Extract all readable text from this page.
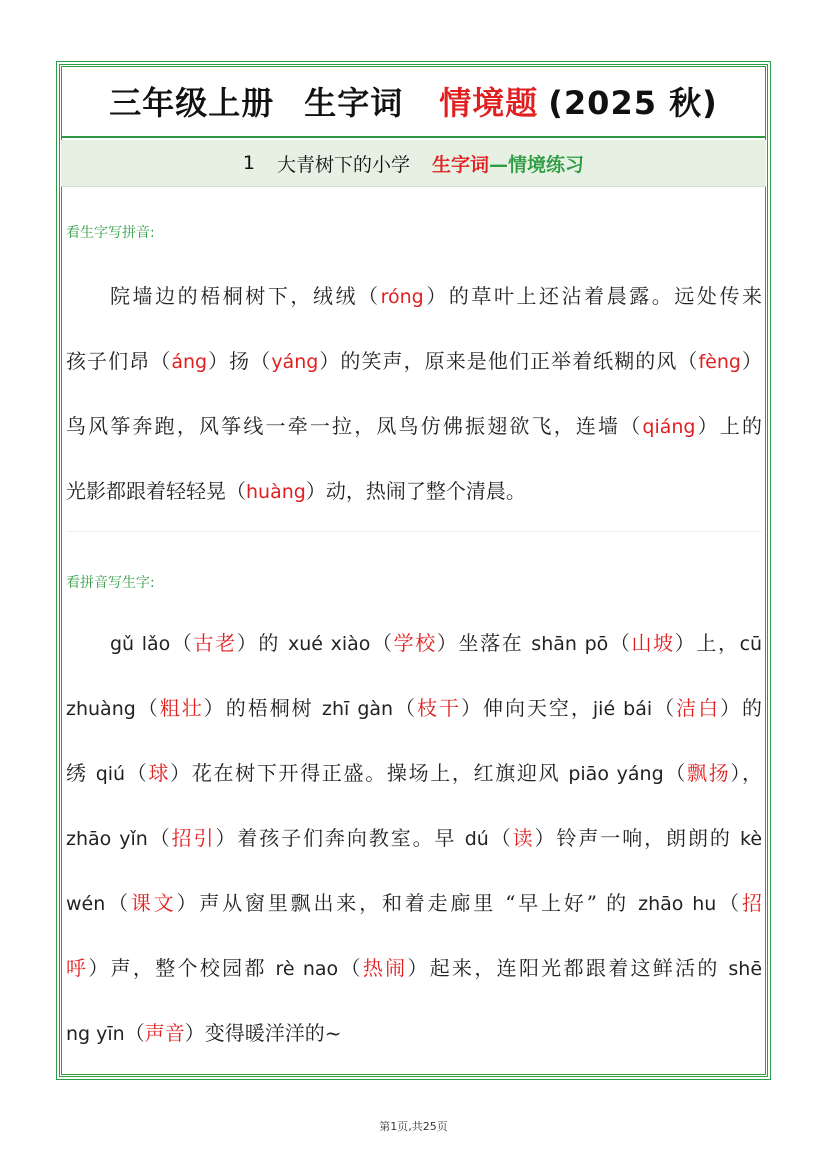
三年级上册 生字词 情境题 (2025 秋)
1 大青树下的小学 生字词 —情境练习
看生字写拼音:
院墙边的梧桐树下，绒绒（róng）的草叶上还沾着晨露。远处传来
孩子们昂（áng）扬（yáng）的笑声，原来是他们正举着纸糊的风（fèng）
鸟风筝奔跑，风筝线一牵一拉，凤鸟仿佛振翅欲飞，连墙（qiáng）上的
光影都跟着轻轻晃（huàng）动，热闹了整个清晨。
看拼音写生字:
gǔ lǎo（古老）的 xué xiào（学校）坐落在 shān pō（山坡）上，cū
zhuàng（粗壮）的梧桐树 zhī gàn（枝干）伸向天空，jié bái（洁白）的
绣 qiú（球）花在树下开得正盛。操场上，红旗迎风 piāo yáng（飘扬），
zhāo yǐn（招引）着孩子们奔向教室。早 dú（读）铃声一响，朗朗的 kè
wén（课文）声从窗里飘出来，和着走廊里 “早上好” 的 zhāo hu（招
呼）声，整个校园都 rè nao（热闹）起来，连阳光都跟着这鲜活的 shē
ng yīn（声音）变得暖洋洋的~
第1页,共25页
